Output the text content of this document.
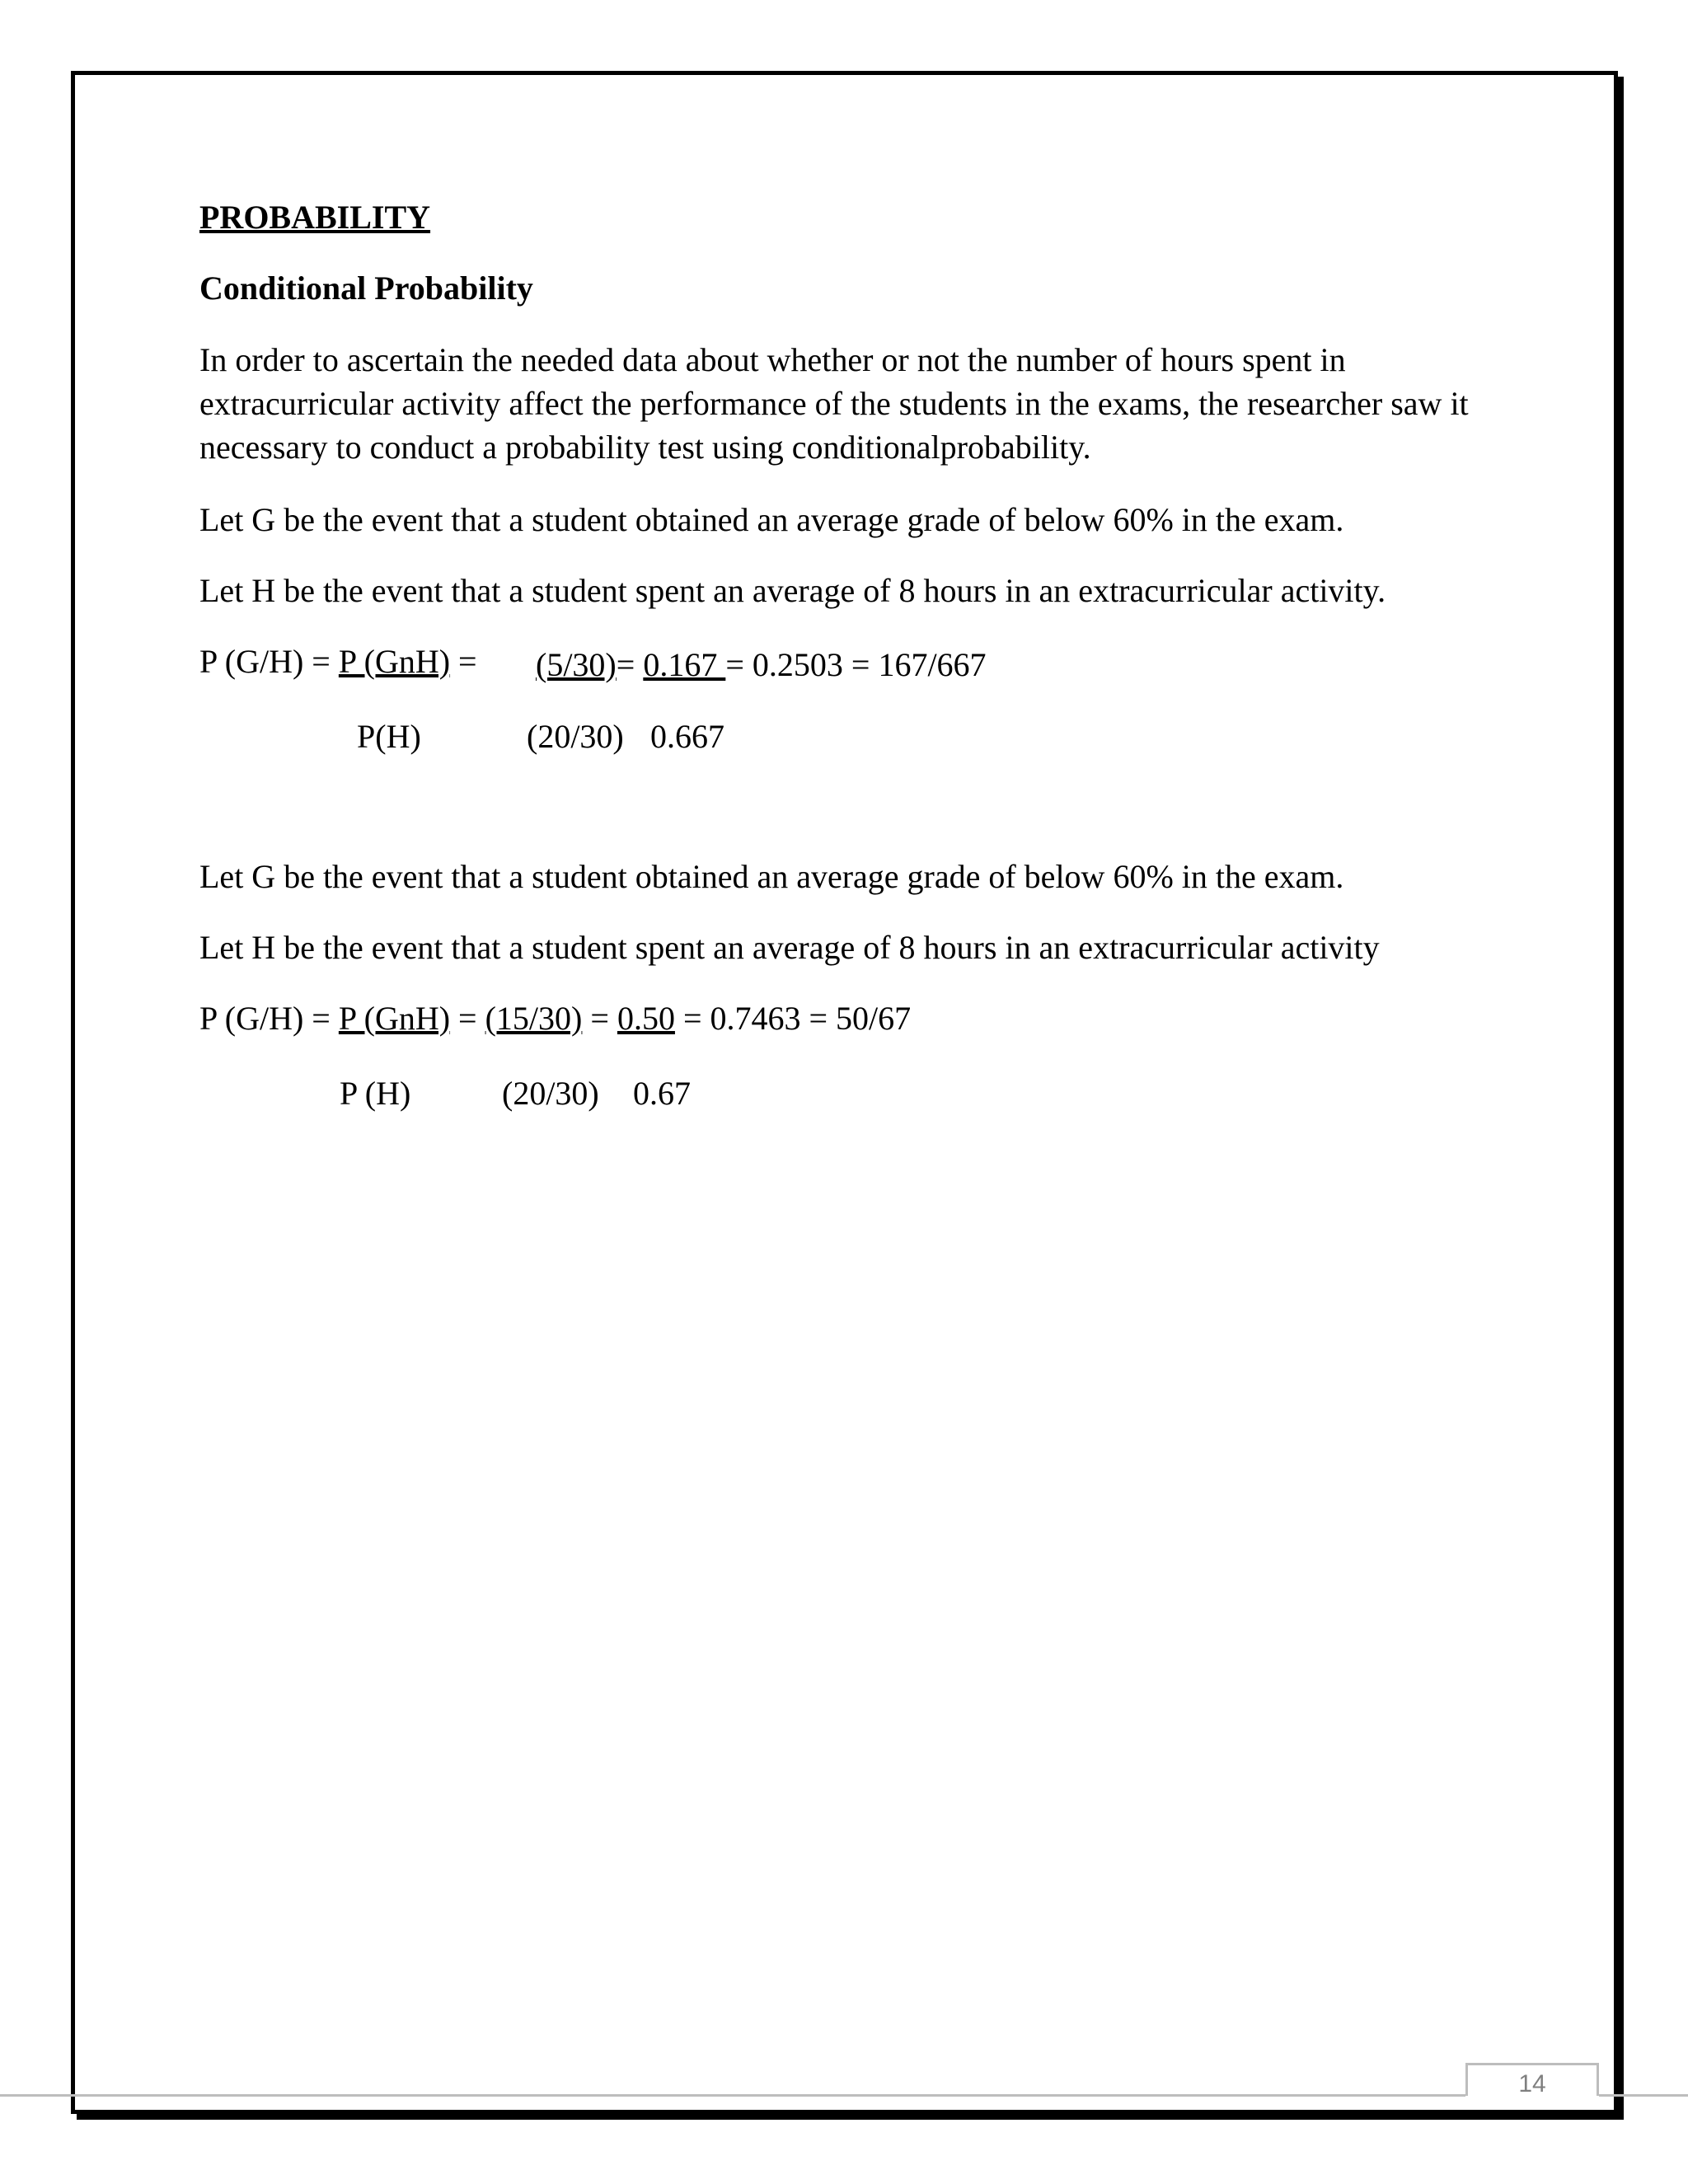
PROBABILITY
Conditional Probability
In order to ascertain the needed data about whether or not the number of hours spent in extracurricular activity affect the performance of the students in the exams, the researcher saw it necessary to conduct a probability test using conditionalprobability.
Let G be the event that a student obtained an average grade of below 60% in the exam.
Let H be the event that a student spent an average of 8 hours in an extracurricular activity.
P (G/H) = P (GnH) = (5/30)= 0.167 = 0.2503 = 167/667
P(H)	(20/30) 0.667
Let G be the event that a student obtained an average grade of below 60% in the exam.
Let H be the event that a student spent an average of 8 hours in an extracurricular activity
P (G/H) = P (GnH) = (15/30) = 0.50 = 0.7463 = 50/67
P (H)	(20/30) 0.67
14
